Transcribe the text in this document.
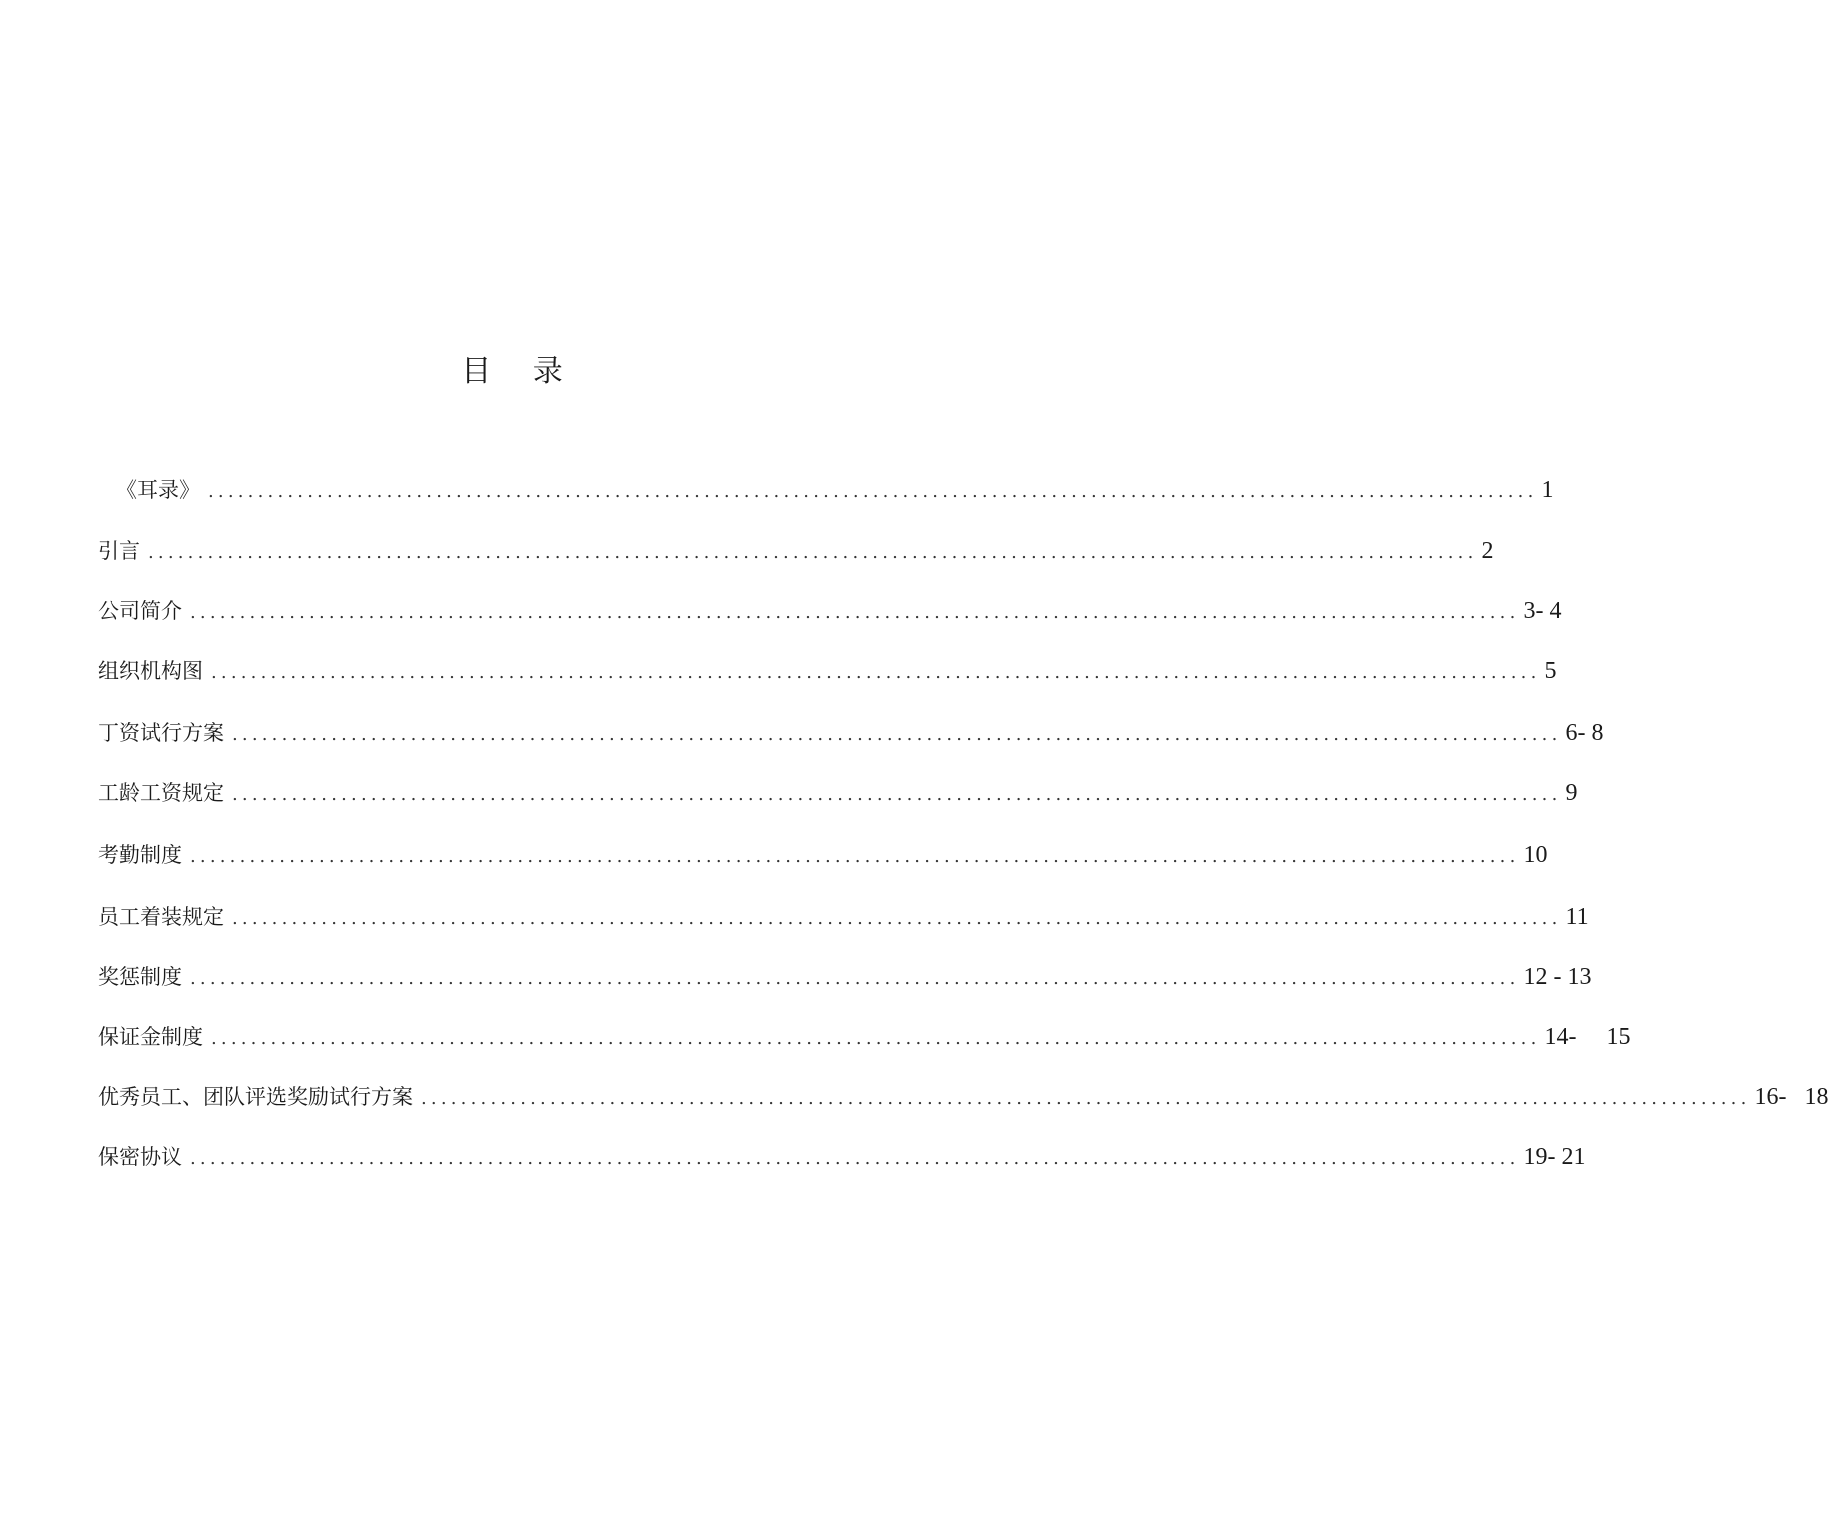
目 录
《耳录》 ...................................................................................................................................... 1
引言 ...................................................................................................................................... 2
公司简介 ...................................................................................................................................... 3- 4
组织机构图 ...................................................................................................................................... 5
丁资试行方案 ...................................................................................................................................... 6- 8
工龄工资规定 ...................................................................................................................................... 9
考勤制度 ...................................................................................................................................... 10
员工着装规定 ...................................................................................................................................... 11
奖惩制度 ...................................................................................................................................... 12 - 13
保证金制度 ...................................................................................................................................... 14-     15
优秀员工、团队评选奖励试行方案 ...................................................................................................................................... 16-   18
保密协议 ...................................................................................................................................... 19- 21
